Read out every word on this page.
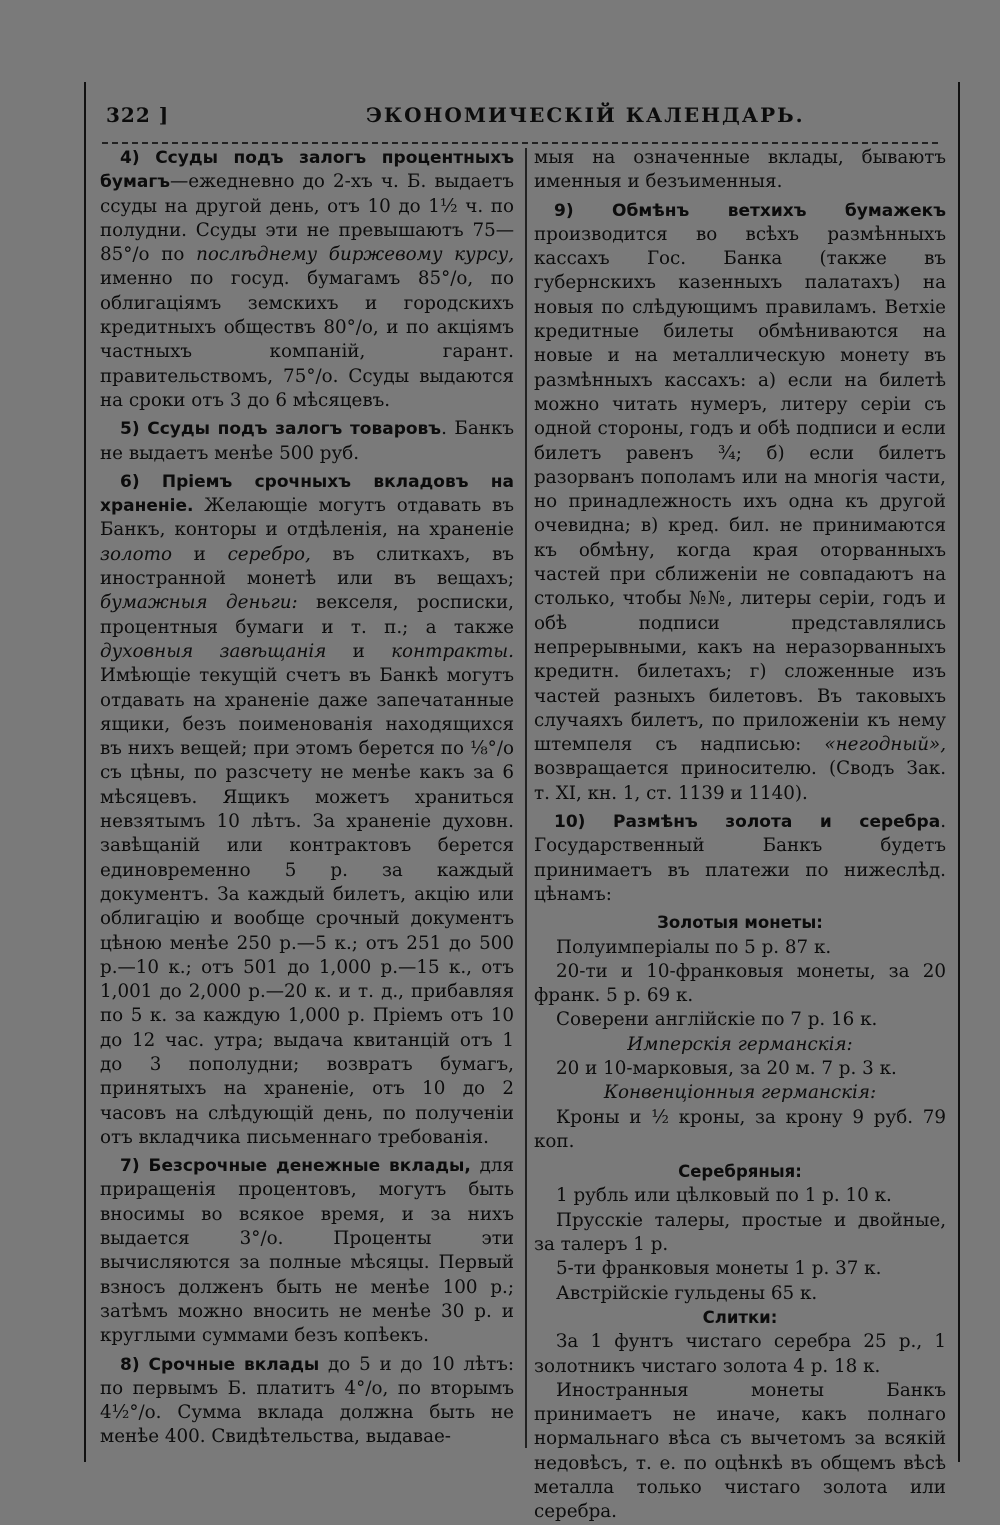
322 ]	ЭКОНОМИЧЕСКІЙ КАЛЕНДАРЬ.

4) Ссуды подъ залогъ процентныхъ бумагъ—ежедневно до 2-хъ ч. Б. выдаетъ ссуды на другой день, отъ 10 до 1½ ч. по полудни. Ссуды эти не превышаютъ 75—85°/о по послѣднему биржевому курсу, именно по госуд. бумагамъ 85°/о, по облигаціямъ земскихъ и городскихъ кредитныхъ обществъ 80°/о, и по акціямъ частныхъ компаній, гарант. правительствомъ, 75°/о. Ссуды выдаются на сроки отъ 3 до 6 мѣсяцевъ.

5) Ссуды подъ залогъ товаровъ. Банкъ не выдаетъ менѣе 500 руб.

6) Пріемъ срочныхъ вкладовъ на храненіе. Желающіе могутъ отдавать въ Банкъ, конторы и отдѣленія, на храненіе золото и серебро, въ слиткахъ, въ иностранной монетѣ или въ вещахъ; бумажныя деньги: векселя, росписки, процентныя бумаги и т. п.; а также духовныя завѣщанія и контракты. Имѣющіе текущій счетъ въ Банкѣ могутъ отдавать на храненіе даже запечатанные ящики, безъ поименованія находящихся въ нихъ вещей; при этомъ берется по ⅛°/о съ цѣны, по разсчету не менѣе какъ за 6 мѣсяцевъ. Ящикъ можетъ храниться невзятымъ 10 лѣтъ. За храненіе духовн. завѣщаній или контрактовъ берется единовременно 5 р. за каждый документъ. За каждый билетъ, акцію или облигацію и вообще срочный документъ цѣною менѣе 250 р.—5 к.; отъ 251 до 500 р.—10 к.; отъ 501 до 1,000 р.—15 к., отъ 1,001 до 2,000 р.—20 к. и т. д., прибавляя по 5 к. за каждую 1,000 р. Пріемъ отъ 10 до 12 час. утра; выдача квитанцій отъ 1 до 3 пополудни; возвратъ бумагъ, принятыхъ на храненіе, отъ 10 до 2 часовъ на слѣдующій день, по полученіи отъ вкладчика письменнаго требованія.

7) Безсрочные денежные вклады, для приращенія процентовъ, могутъ быть вносимы во всякое время, и за нихъ выдается 3°/о. Проценты эти вычисляются за полные мѣсяцы. Первый взносъ долженъ быть не менѣе 100 р.; затѣмъ можно вносить не менѣе 30 р. и круглыми суммами безъ копѣекъ.

8) Срочные вклады до 5 и до 10 лѣтъ: по первымъ Б. платитъ 4°/о, по вторымъ 4½°/о. Сумма вклада должна быть не менѣе 400. Свидѣтельства, выдавае-

мыя на означенные вклады, бываютъ именныя и безъименныя.

9) Обмѣнъ ветхихъ бумажекъ производится во всѣхъ размѣнныхъ кассахъ Гос. Банка (также въ губернскихъ казенныхъ палатахъ) на новыя по слѣдующимъ правиламъ. Ветхіе кредитные билеты обмѣниваются на новые и на металлическую монету въ размѣнныхъ кассахъ: а) если на билетѣ можно читать нумеръ, литеру серіи съ одной стороны, годъ и обѣ подписи и если билетъ равенъ ¾; б) если билетъ разорванъ пополамъ или на многія части, но принадлежность ихъ одна къ другой очевидна; в) кред. бил. не принимаются къ обмѣну, когда края оторванныхъ частей при сближеніи не совпадаютъ на столько, чтобы №№, литеры серіи, годъ и обѣ подписи представлялись непрерывными, какъ на неразорванныхъ кредитн. билетахъ; г) сложенные изъ частей разныхъ билетовъ. Въ таковыхъ случаяхъ билетъ, по приложеніи къ нему штемпеля съ надписью: «негодный», возвращается приносителю. (Сводъ Зак. т. XI, кн. 1, ст. 1139 и 1140).

10) Размѣнъ золота и серебра. Государственный Банкъ будетъ принимаетъ въ платежи по нижеслѣд. цѣнамъ:

Золотыя монеты:

Полуимперіалы по 5 р. 87 к.

20-ти и 10-франковыя монеты, за 20 франк. 5 р. 69 к.

Соверени англійскіе по 7 р. 16 к.

Имперскія германскія:

20 и 10-марковыя, за 20 м. 7 р. 3 к.

Конвенціонныя германскія:

Кроны и ½ кроны, за крону 9 руб. 79 коп.

Серебряныя:

1 рубль или цѣлковый по 1 р. 10 к.

Прусскіе талеры, простые и двойные, за талеръ 1 р.

5-ти франковыя монеты 1 р. 37 к.

Австрійскіе гульдены 65 к.

Слитки:

За 1 фунтъ чистаго серебра 25 р., 1 золотникъ чистаго золота 4 р. 18 к.

Иностранныя монеты Банкъ принимаетъ не иначе, какъ полнаго нормальнаго вѣса съ вычетомъ за всякій недовѣсъ, т. е. по оцѣнкѣ въ общемъ вѣсѣ металла только чистаго золота или серебра.
